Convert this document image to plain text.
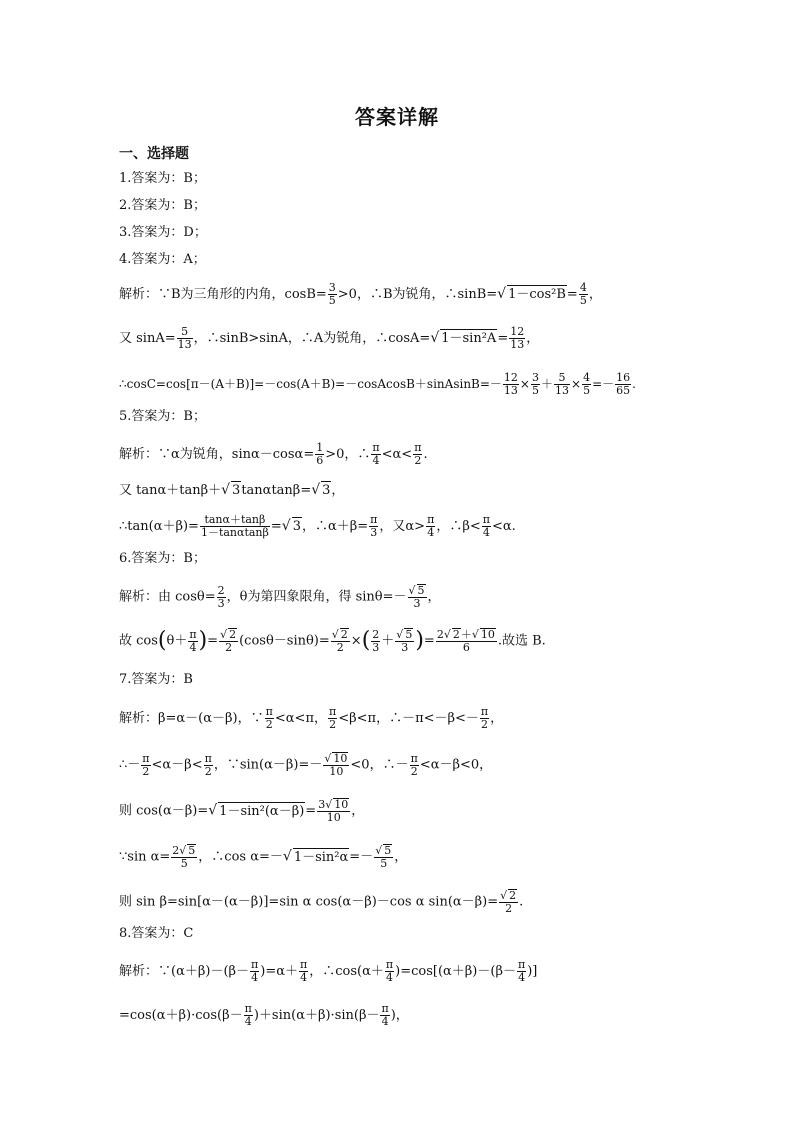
答案详解
一、选择题
1.答案为：B；
2.答案为：B；
3.答案为：D；
4.答案为：A；
解析：∵B为三角形的内角，$\cos B= \frac{3}{5} >0$，∴B为锐角，∴sinB=√ $1-\cos^2B= \frac{4}{5}$ ，
又 $\sin A= \frac{5}{13}$ ，∴sinB>sinA，∴A为锐角，∴cosA=√ $1-\sin^2A= \frac{12}{13}$ ，
∴cosC=cos[π－(A＋B)]=－cos(A＋B)=－cosAcosB＋sinAsinB=－ $\frac{12}{13} \times \frac{3}{5} + \frac{5}{13} \times \frac{4}{5} =- \frac{16}{65}$ .
5.答案为：B；
解析：∵α为锐角，$\sin\alpha-\cos\alpha= \frac{1}{6} >0$，∴ $\frac{\pi}{4} <\alpha< \frac{\pi}{2}$ .
又 tanα＋tanβ＋√ 3tanαtanβ=√ 3，
∴tan(α＋β)= $\frac{\tan\alpha+\tan\beta}{1-\tan\alpha\tan\beta}$ =√ 3，∴α＋β= $\frac{\pi}{3}$ ，又$\alpha> \frac{\pi}{4}$ ，∴β< $\frac{\pi}{4} <\alpha$.
6.答案为：B；
解析：由 $\cos\theta= \frac{2}{3}$ ，θ为第四象限角，得 $\sin\theta=- \frac{√ 5}{3}$ ，
故 $\cos(\theta+ \frac{\pi}{4}$ )= $\frac{√ 2}{2} (\cos\theta-\sin\theta)= \frac{√ 2}{2}$ ×( $\frac{2}{3} + \frac{√ 5}{3}$ )= $\frac{2√ 2+√ 10}{6}$ .故选 B.
7.答案为：B
解析：β=α－(α－β)，∵ $\frac{\pi}{2} <\alpha<\pi$， $\frac{\pi}{2} <\beta<\pi$，∴－π<－β<－ $\frac{\pi}{2}$ ，
∴－ $\frac{\pi}{2} <\alpha-\beta< \frac{\pi}{2}$ ，∵sin(α－β)=－ $\frac{√ 10}{10} <0$，∴－ $\frac{\pi}{2} <\alpha-\beta<0$，
则 cos(α－β)=√ $1-\sin^2(\alpha-\beta)= \frac{3√ 10}{10}$ ，
∵sin $\alpha= \frac{2√ 5}{5}$ ，∴cos α=－√ $1-\sin^2\alpha=- \frac{√ 5}{5}$ ，
则 sin β=sin[α－(α－β)]=sin α cos(α－β)－cos α $\sin(\alpha-\beta)= \frac{√ 2}{2}$ .
8.答案为：C
解析：∵(α＋β)－(β－ $\frac{\pi}{4} )=\alpha+ \frac{\pi}{4}$ ，∴cos(α＋ $\frac{\pi}{4} )=\cos[(\alpha+\beta)-(\beta- \frac{\pi}{4}$ )]
$=\cos(\alpha+\beta)\cdot\cos(\beta- \frac{\pi}{4} )+\sin(\alpha+\beta)\cdot\sin(\beta- \frac{\pi}{4}$ )，
